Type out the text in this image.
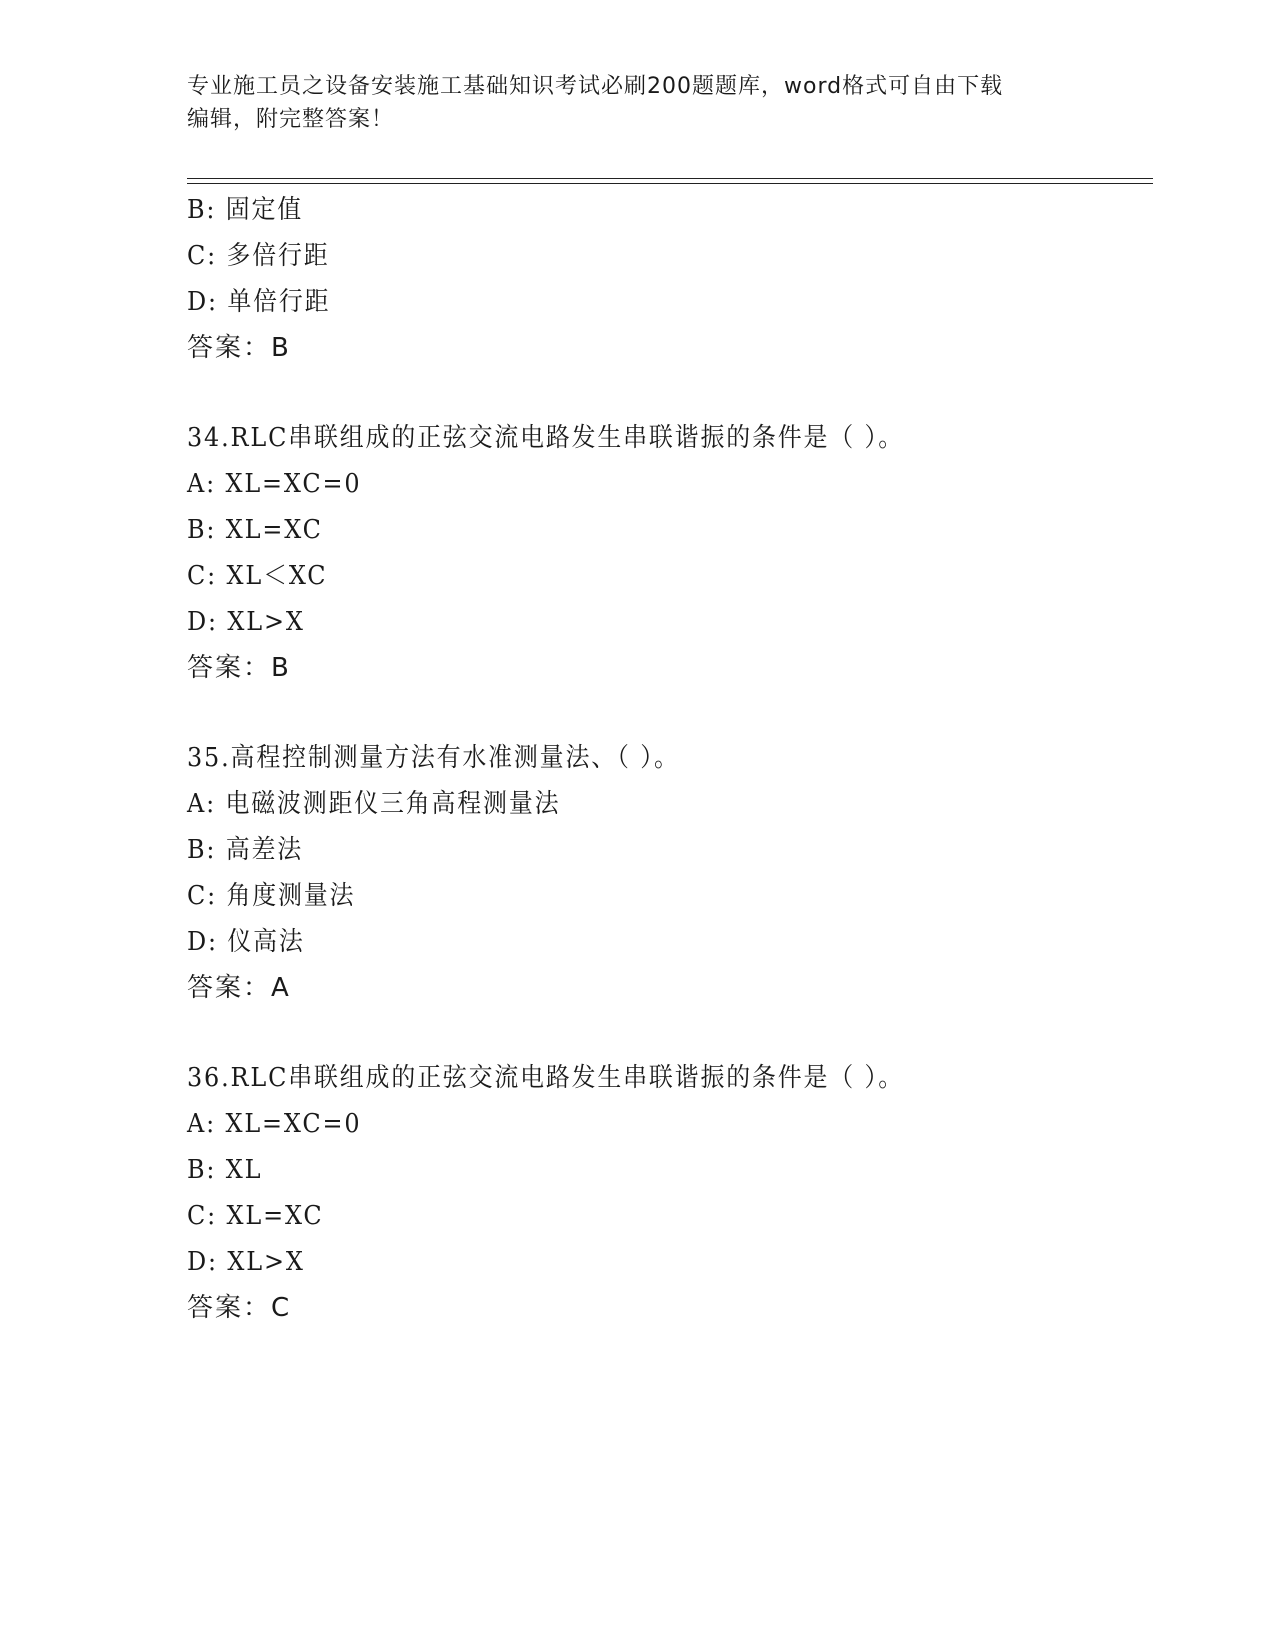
专业施工员之设备安装施工基础知识考试必刷200题题库，word格式可自由下载
编辑，附完整答案！
B: 固定值
C: 多倍行距
D: 单倍行距
答案：B
34.RLC串联组成的正弦交流电路发生串联谐振的条件是（ ）。
A: XL=XC=0
B: XL=XC
C: XL＜XC
D: XL>X
答案：B
35.高程控制测量方法有水准测量法、（ ）。
A: 电磁波测距仪三角高程测量法
B: 高差法
C: 角度测量法
D: 仪高法
答案：A
36.RLC串联组成的正弦交流电路发生串联谐振的条件是（ ）。
A: XL=XC=0
B: XL
C: XL=XC
D: XL>X
答案：C
